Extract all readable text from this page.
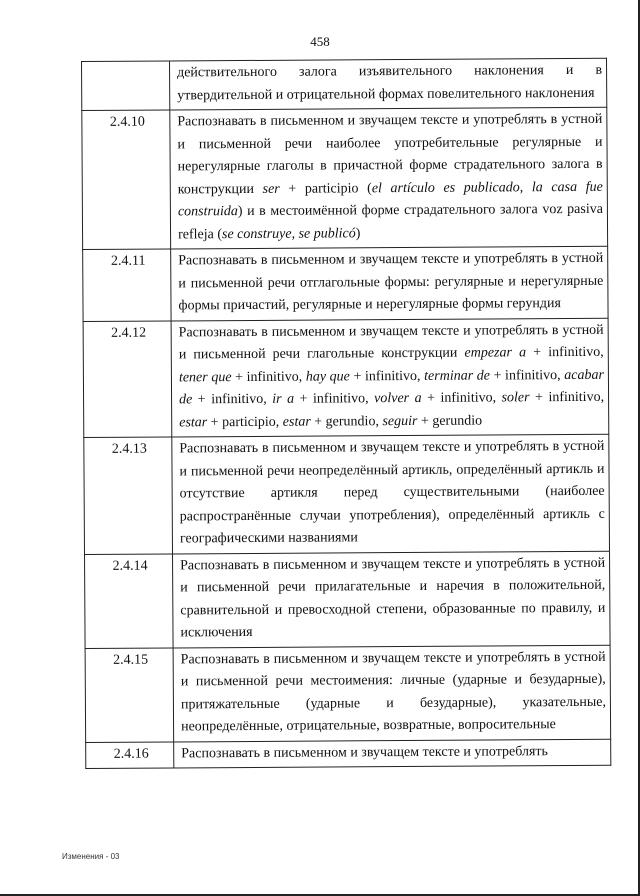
458
	действительного залога изъявительного наклонения и в утвердительной и отрицательной формах повелительного наклонения
2.4.10	Распознавать в письменном и звучащем тексте и употреблять в устной и письменной речи наиболее употребительные регулярные и нерегулярные глаголы в причастной форме страдательного залога в конструкции ser + participio (el artículo es publicado, la casa fue construida) и в местоимённой форме страдательного залога voz pasiva refleja (se construye, se publicó)
2.4.11	Распознавать в письменном и звучащем тексте и употреблять в устной и письменной речи отглагольные формы: регулярные и нерегулярные формы причастий, регулярные и нерегулярные формы герундия
2.4.12	Распознавать в письменном и звучащем тексте и употреблять в устной и письменной речи глагольные конструкции empezar a + infinitivo, tener que + infinitivo, hay que + infinitivo, terminar de + infinitivo, acabar de + infinitivo, ir a + infinitivo, volver a + infinitivo, soler + infinitivo, estar + participio, estar + gerundio, seguir + gerundio
2.4.13	Распознавать в письменном и звучащем тексте и употреблять в устной и письменной речи неопределённый артикль, определённый артикль и отсутствие артикля перед существительными (наиболее распространённые случаи употребления), определённый артикль с географическими названиями
2.4.14	Распознавать в письменном и звучащем тексте и употреблять в устной и письменной речи прилагательные и наречия в положительной, сравнительной и превосходной степени, образованные по правилу, и исключения
2.4.15	Распознавать в письменном и звучащем тексте и употреблять в устной и письменной речи местоимения: личные (ударные и безударные), притяжательные (ударные и безударные), указательные, неопределённые, отрицательные, возвратные, вопросительные
2.4.16	Распознавать в письменном и звучащем тексте и употреблять
Изменения - 03
